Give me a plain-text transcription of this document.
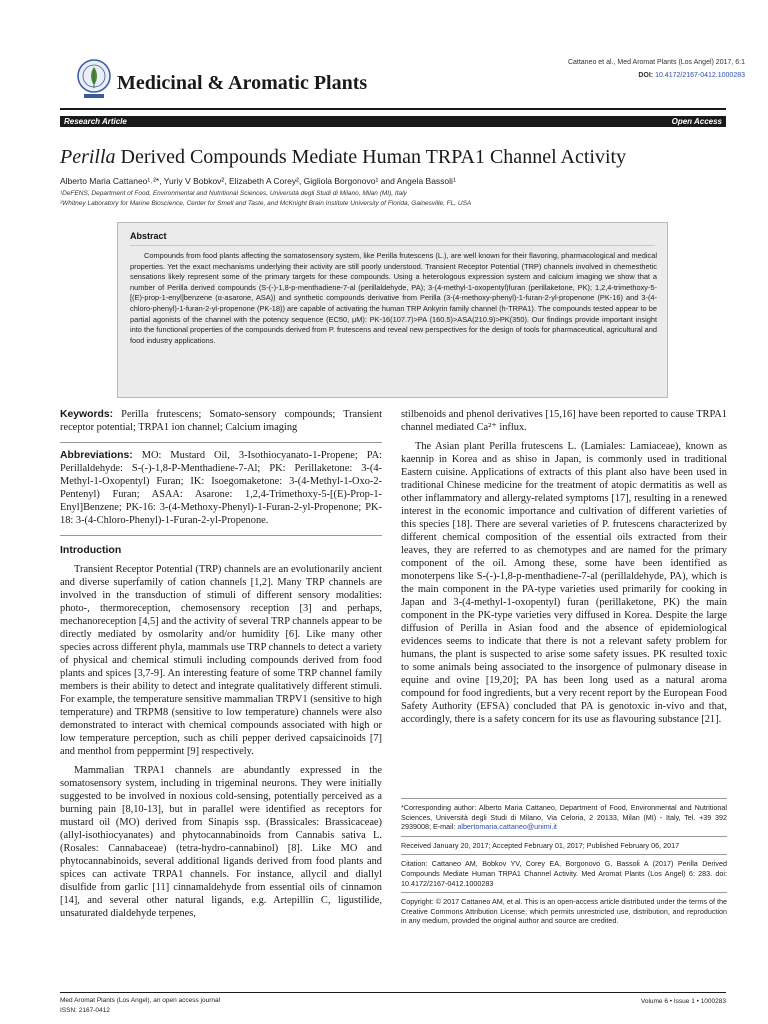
Cattaneo et al., Med Aromat Plants (Los Angel) 2017, 6:1
DOI: 10.4172/2167-0412.1000283
Medicinal & Aromatic Plants
Research Article	Open Access
Perilla Derived Compounds Mediate Human TRPA1 Channel Activity
Alberto Maria Cattaneo¹˒²*, Yuriy V Bobkov², Elizabeth A Corey², Gigliola Borgonovo¹ and Angela Bassoli¹
¹DeFENS, Department of Food, Environmental and Nutritional Sciences, Università degli Studi di Milano, Milan (MI), Italy
²Whitney Laboratory for Marine Bioscience, Center for Smell and Taste, and McKnight Brain Institute University of Florida, Gainesville, FL, USA
Abstract
Compounds from food plants affecting the somatosensory system, like Perilla frutescens (L.), are well known for their flavoring, pharmacological and medical properties. Yet the exact mechanisms underlying their activity are still poorly understood. Transient Receptor Potential (TRP) channels involved in chemesthetic sensations likely represent some of the primary targets for these compounds. Using a heterologous expression system and calcium imaging we show that a number of Perilla derived compounds (S-(-)-1,8-p-menthadiene-7-al (perillaldehyde, PA); 3-(4-methyl-1-oxopentyl)furan (perillaketone, PK); 1,2,4-trimethoxy-5-[(E)-prop-1-enyl]benzene (α-asarone, ASA)) and synthetic compounds derivative from Perilla (3-(4-methoxy-phenyl)-1-furan-2-yl-propenone (PK-16) and 3-(4-chloro-phenyl)-1-furan-2-yl-propenone (PK-18)) are capable of activating the human TRP Ankyrin family channel (h-TRPA1). The compounds tested appear to be partial agonists of the channel with the potency sequence (EC50, μM): PK-16(107.7)>PA (160.5)>ASA(210.9)>PK(350). Our findings provide important insight into the functional properties of the compounds derived from P. frutescens and reveal new perspectives for the design of tools for pharmaceutical, agricultural and food industry applications.

Keywords: Perilla frutescens; Somato-sensory compounds; Transient receptor potential; TRPA1 ion channel; Calcium imaging

Abbreviations: MO: Mustard Oil, 3-Isothiocyanato-1-Propene; PA: Perillaldehyde: S-(-)-1,8-P-Menthadiene-7-Al; PK: Perillaketone: 3-(4-Methyl-1-Oxopentyl) Furan; IK: Isoegomaketone: 3-(4-Methyl-1-Oxo-2-Pentenyl) Furan; ASAA: Asarone: 1,2,4-Trimethoxy-5-[(E)-Prop-1-Enyl]Benzene; PK-16: 3-(4-Methoxy-Phenyl)-1-Furan-2-yl-Propenone; PK-18: 3-(4-Chloro-Phenyl)-1-Furan-2-yl-Propenone.

Introduction

Transient Receptor Potential (TRP) channels are an evolutionarily ancient and diverse superfamily of cation channels [1,2]. Many TRP channels are involved in the transduction of stimuli of different sensory modalities: photo-, thermoreception, chemosensory reception [3] and perhaps, mechanoreception [4,5] and the activity of several TRP channels appear to be directly mediated by osmolarity and/or humidity [6]. Like many other species across different phyla, mammals use TRP channels to detect a variety of physical and chemical stimuli including compounds derived from food plants and spices [3,7-9]. An interesting feature of some TRP channel family members is their ability to detect and integrate qualitatively different stimuli. For example, the temperature sensitive mammalian TRPV1 (sensitive to high temperature) and TRPM8 (sensitive to low temperature) channels were also demonstrated to interact with chemical compounds associated with high or low temperature perception, such as chili pepper derived capsaicinoids [7] and menthol from peppermint [9] respectively.

Mammalian TRPA1 channels are abundantly expressed in the somatosensory system, including in trigeminal neurons. They were initially suggested to be involved in noxious cold-sensing, potentially perceived as a burning pain [8,10-13], but in parallel were identified as receptors for mustard oil (MO) derived from Sinapis ssp. (Brassicales: Brassicaceae) (allyl-isothiocyanates) and phytocannabinoids from Cannabis sativa L. (Rosales: Cannabaceae) (tetra-hydro-cannabinol) [8]. Like MO and phytocannabinoids, several additional ligands derived from food plants and spices can activate TRPA1 channels. For instance, allycil and diallyl disulfide from garlic [11] cinnamaldehyde from essential oils of cinnamon [14], and several other natural ligands, e.g. Artepillin C, ligustilide, unsaturated dialdehyde terpenes,

stilbenoids and phenol derivatives [15,16] have been reported to cause TRPA1 channel mediated Ca²⁺ influx.

The Asian plant Perilla frutescens L. (Lamiales: Lamiaceae), known as kaennip in Korea and as shiso in Japan, is commonly used in traditional Eastern cuisine. Applications of extracts of this plant also have been used in traditional Chinese medicine for the treatment of atopic dermatitis as well as other inflammatory and allergy-related symptoms [17], resulting in a renewed interest in the economic importance and cultivation of different varieties of this species [18]. There are several varieties of P. frutescens characterized by different chemical composition of the essential oils extracted from their leaves, they are referred to as chemotypes and are named for the primary component of the oil. Among these, some have been identified as monoterpens like S-(-)-1,8-p-menthadiene-7-al (perillaldehyde, PA), which is the main component in the PA-type varieties used primarily for cooking in Japan and 3-(4-methyl-1-oxopentyl) furan (perillaketone, PK) the main component in the PK-type varieties very diffused in Korea. Despite the large diffusion of Perilla in Asian food and the absence of epidemiological evidences seems to indicate that there is not a relevant safety problem for humans, the plant is suspected to arise some safety issues. PK resulted toxic to some animals being associated to the insorgence of pulmonary disease in equine and ovine [19,20]; PA has been long used as a natural aroma compound for food ingredients, but a very recent report by the European Food Safety Authority (EFSA) concluded that PA is genotoxic in-vivo and that, accordingly, there is a safety concern for its use as flavouring substance [21].

*Corresponding author: Alberto Maria Cattaneo, Department of Food, Environmental and Nutritional Sciences, Università degli Studi di Milano, Via Celoria, 2 20133, Milan (MI) - Italy, Tel. +39 392 2939008; E-mail: albertomaria.cattaneo@unimi.it

Received January 20, 2017; Accepted February 01, 2017; Published February 06, 2017

Citation: Cattaneo AM, Bobkov YV, Corey EA, Borgonovo G, Bassoli A (2017) Perilla Derived Compounds Mediate Human TRPA1 Channel Activity. Med Aromat Plants (Los Angel) 6: 283. doi: 10.4172/2167-0412.1000283

Copyright: © 2017 Cattaneo AM, et al. This is an open-access article distributed under the terms of the Creative Commons Attribution License, which permits unrestricted use, distribution, and reproduction in any medium, provided the original author and source are credited.

Med Aromat Plants (Los Angel), an open access journal
ISSN: 2167-0412
Volume 6 • Issue 1 • 1000283
